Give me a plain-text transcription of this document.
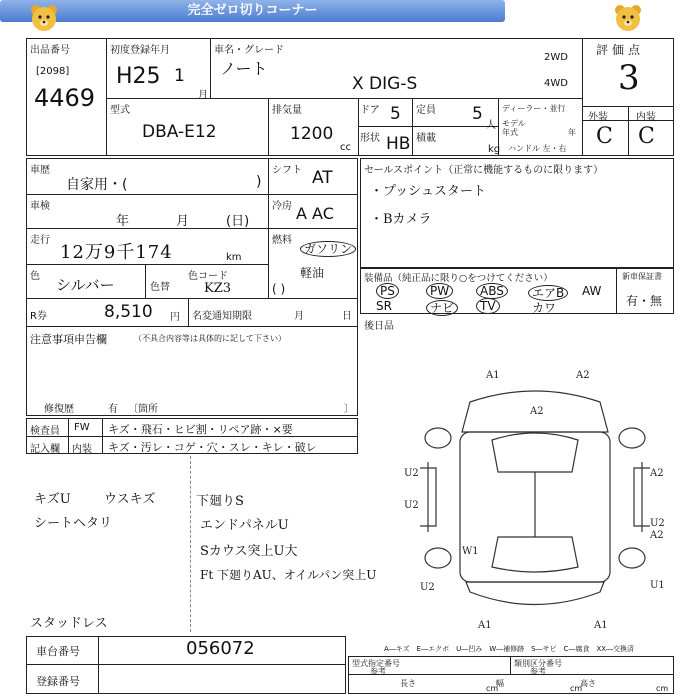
完全ゼロ切りコーナー
出品番号
[2098]
4469
初度登録年月
H25 1
月
車名・グレード
ノート
X DIG-S
2WD
4WD
評価点
3
外装	内装
C C
型式
DBA-E12
排気量
1200
cc
ドア 5 定員 5
人
形状 HB 積載
kg
ディーラー・並行
モデル
年式	年
ハンドル 左・右
車歴
自家用・(	)
シフト AT
車検
年	月	(日)
冷房 A AC
走行
12万9千174	km
燃料
ガソリン
軽油
( )
色 シルバー	色替
色コード
KZ3
R券	8,510 円 名変通知期限	月	日
注意事項申告欄	（不具合内容等は具体的に記して下さい）
修復歴	有 〔箇所	〕
セールスポイント（正常に機能するものに限ります）
・プッシュスタート
・Bカメラ
装備品（純正品に限り○をつけてください）
PS	PW	ABS	エアB	AW
SR	ナビ	TV	カワ
新車保証書
有・無
後日品
検査員
記入欄
FW キズ・飛石・ヒビ割・リペア跡・×要
内装 キズ・汚レ・コゲ・穴・スレ・キレ・破レ
キズU
シートヘタリ
ウスキズ	下廻りS
エンドパネルU
Sカウス突上U大
Ft 下廻りAU、オイルパン突上U
スタッドレス
A1	A2
A2
U2	A2
U2
U2
A2
W1
U2
A1	A1
U1
A―キズ　E―エクボ　U―凹み　W―補修跡　S―サビ　C―腐食　XX―交換済
車台番号	056072
登録番号
型式指定番号
参考
類別区分番号
参考
長さ
cm
幅
cm
高さ
cm
